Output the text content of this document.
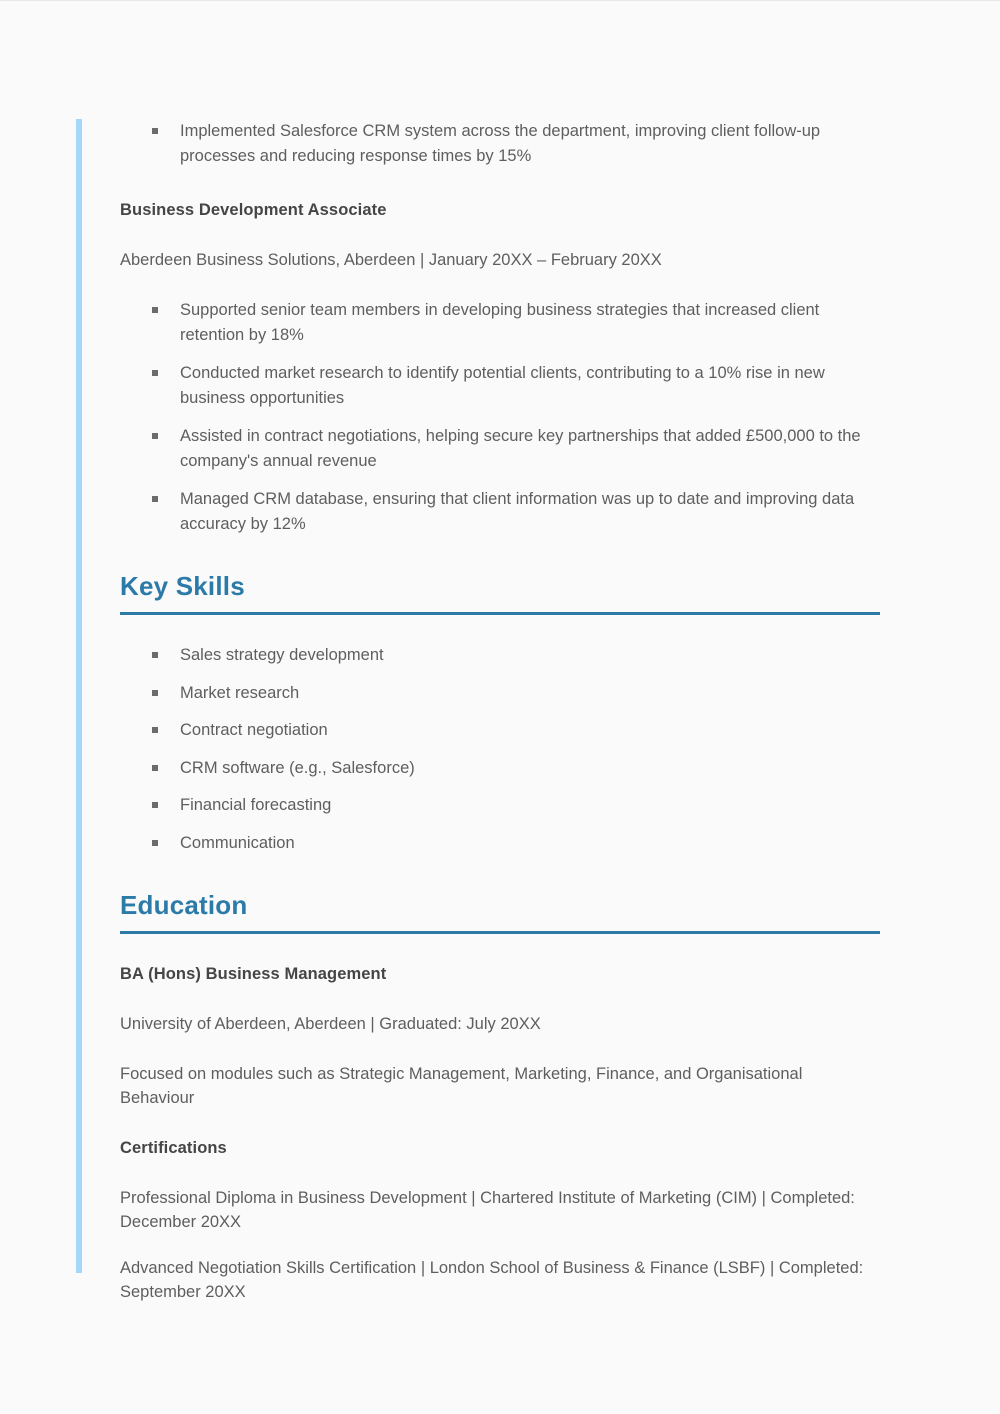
Implemented Salesforce CRM system across the department, improving client follow-up processes and reducing response times by 15%
Business Development Associate
Aberdeen Business Solutions, Aberdeen | January 20XX – February 20XX
Supported senior team members in developing business strategies that increased client retention by 18%
Conducted market research to identify potential clients, contributing to a 10% rise in new business opportunities
Assisted in contract negotiations, helping secure key partnerships that added £500,000 to the company's annual revenue
Managed CRM database, ensuring that client information was up to date and improving data accuracy by 12%
Key Skills
Sales strategy development
Market research
Contract negotiation
CRM software (e.g., Salesforce)
Financial forecasting
Communication
Education
BA (Hons) Business Management
University of Aberdeen, Aberdeen | Graduated: July 20XX
Focused on modules such as Strategic Management, Marketing, Finance, and Organisational Behaviour
Certifications
Professional Diploma in Business Development | Chartered Institute of Marketing (CIM) | Completed: December 20XX
Advanced Negotiation Skills Certification | London School of Business & Finance (LSBF) | Completed: September 20XX
